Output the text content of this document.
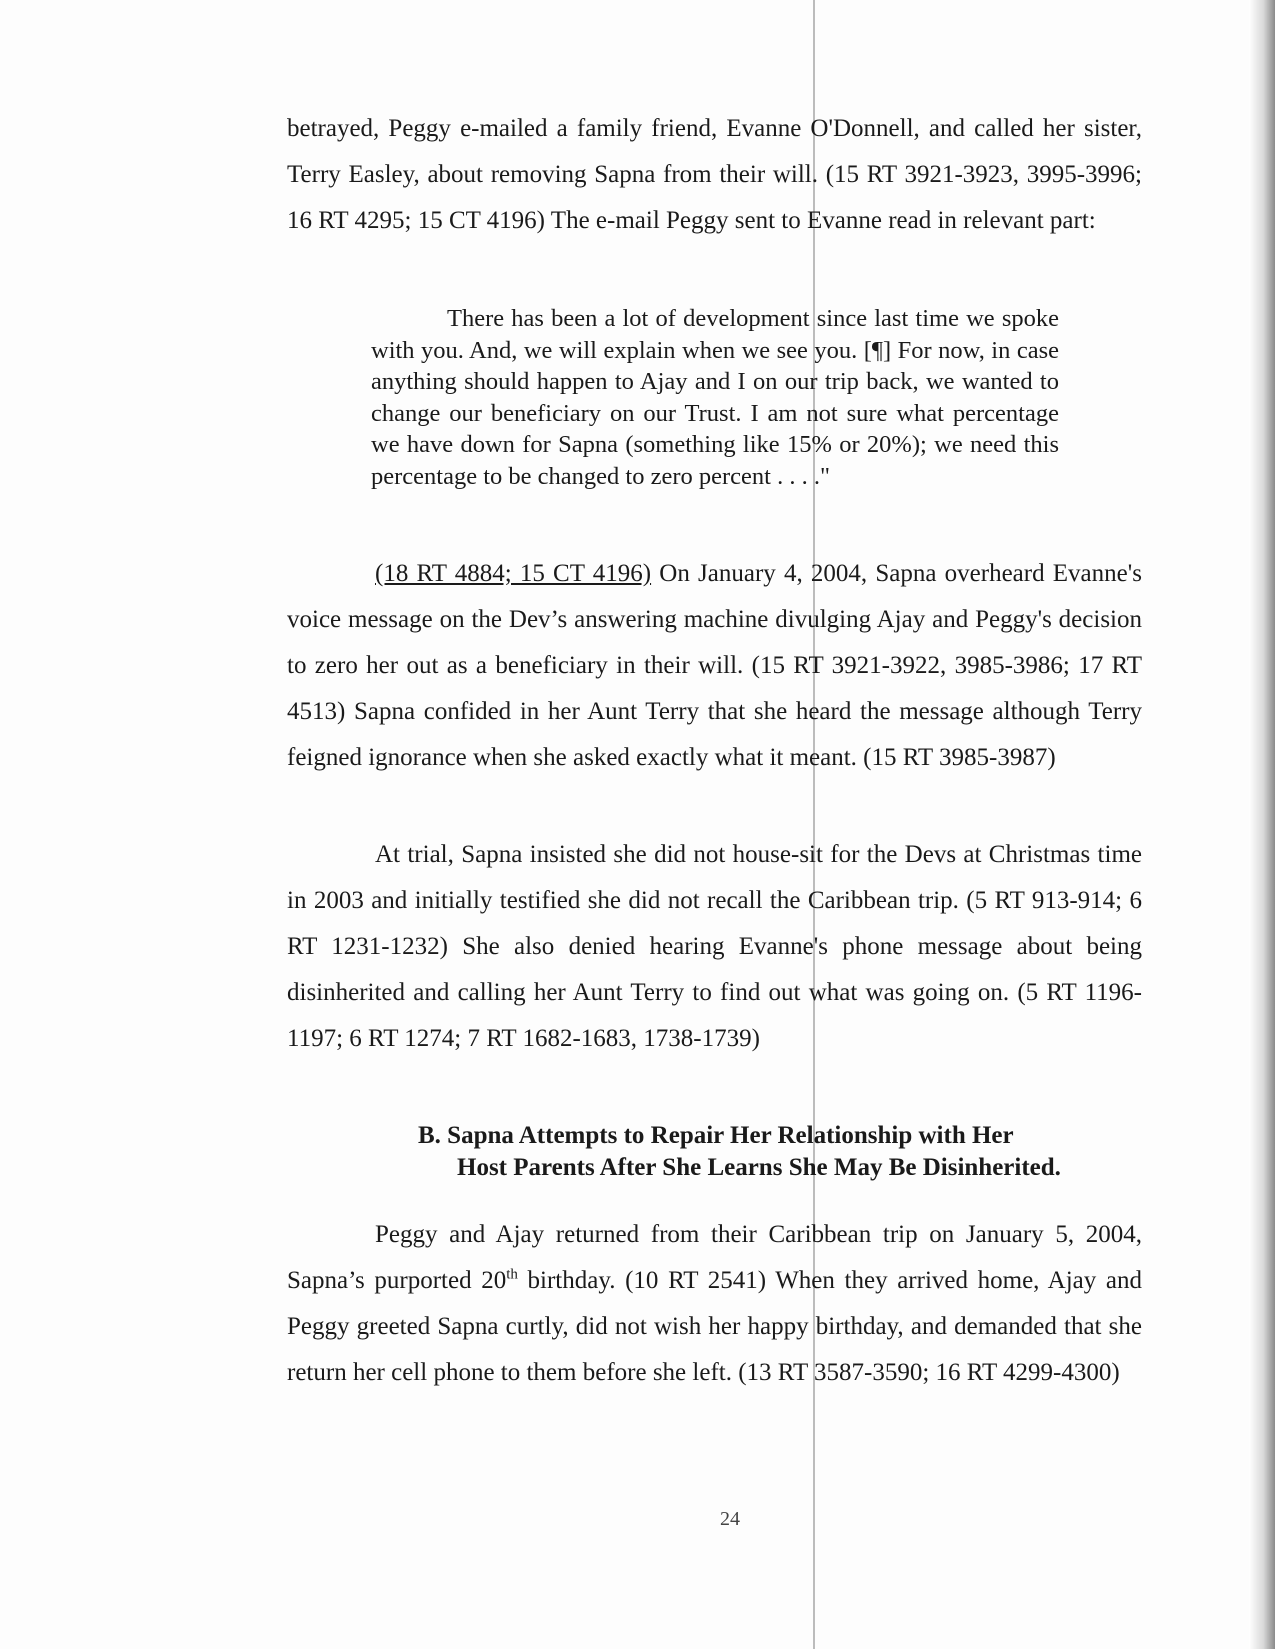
betrayed, Peggy e-mailed a family friend, Evanne O'Donnell, and called her sister, Terry Easley, about removing Sapna from their will. (15 RT 3921-3923, 3995-3996; 16 RT 4295; 15 CT 4196) The e-mail Peggy sent to Evanne read in relevant part:

There has been a lot of development since last time we spoke with you. And, we will explain when we see you. [¶] For now, in case anything should happen to Ajay and I on our trip back, we wanted to change our beneficiary on our Trust. I am not sure what percentage we have down for Sapna (something like 15% or 20%); we need this percentage to be changed to zero percent . . . ."

(18 RT 4884; 15 CT 4196) On January 4, 2004, Sapna overheard Evanne's voice message on the Dev’s answering machine divulging Ajay and Peggy's decision to zero her out as a beneficiary in their will. (15 RT 3921-3922, 3985-3986; 17 RT 4513) Sapna confided in her Aunt Terry that she heard the message although Terry feigned ignorance when she asked exactly what it meant. (15 RT 3985-3987)

At trial, Sapna insisted she did not house-sit for the Devs at Christmas time in 2003 and initially testified she did not recall the Caribbean trip. (5 RT 913-914; 6 RT 1231-1232) She also denied hearing Evanne's phone message about being disinherited and calling her Aunt Terry to find out what was going on. (5 RT 1196-1197; 6 RT 1274; 7 RT 1682-1683, 1738-1739)

B. Sapna Attempts to Repair Her Relationship with Her
Host Parents After She Learns She May Be Disinherited.

Peggy and Ajay returned from their Caribbean trip on January 5, 2004, Sapna’s purported 20th birthday. (10 RT 2541) When they arrived home, Ajay and Peggy greeted Sapna curtly, did not wish her happy birthday, and demanded that she return her cell phone to them before she left. (13 RT 3587-3590; 16 RT 4299-4300)

24
